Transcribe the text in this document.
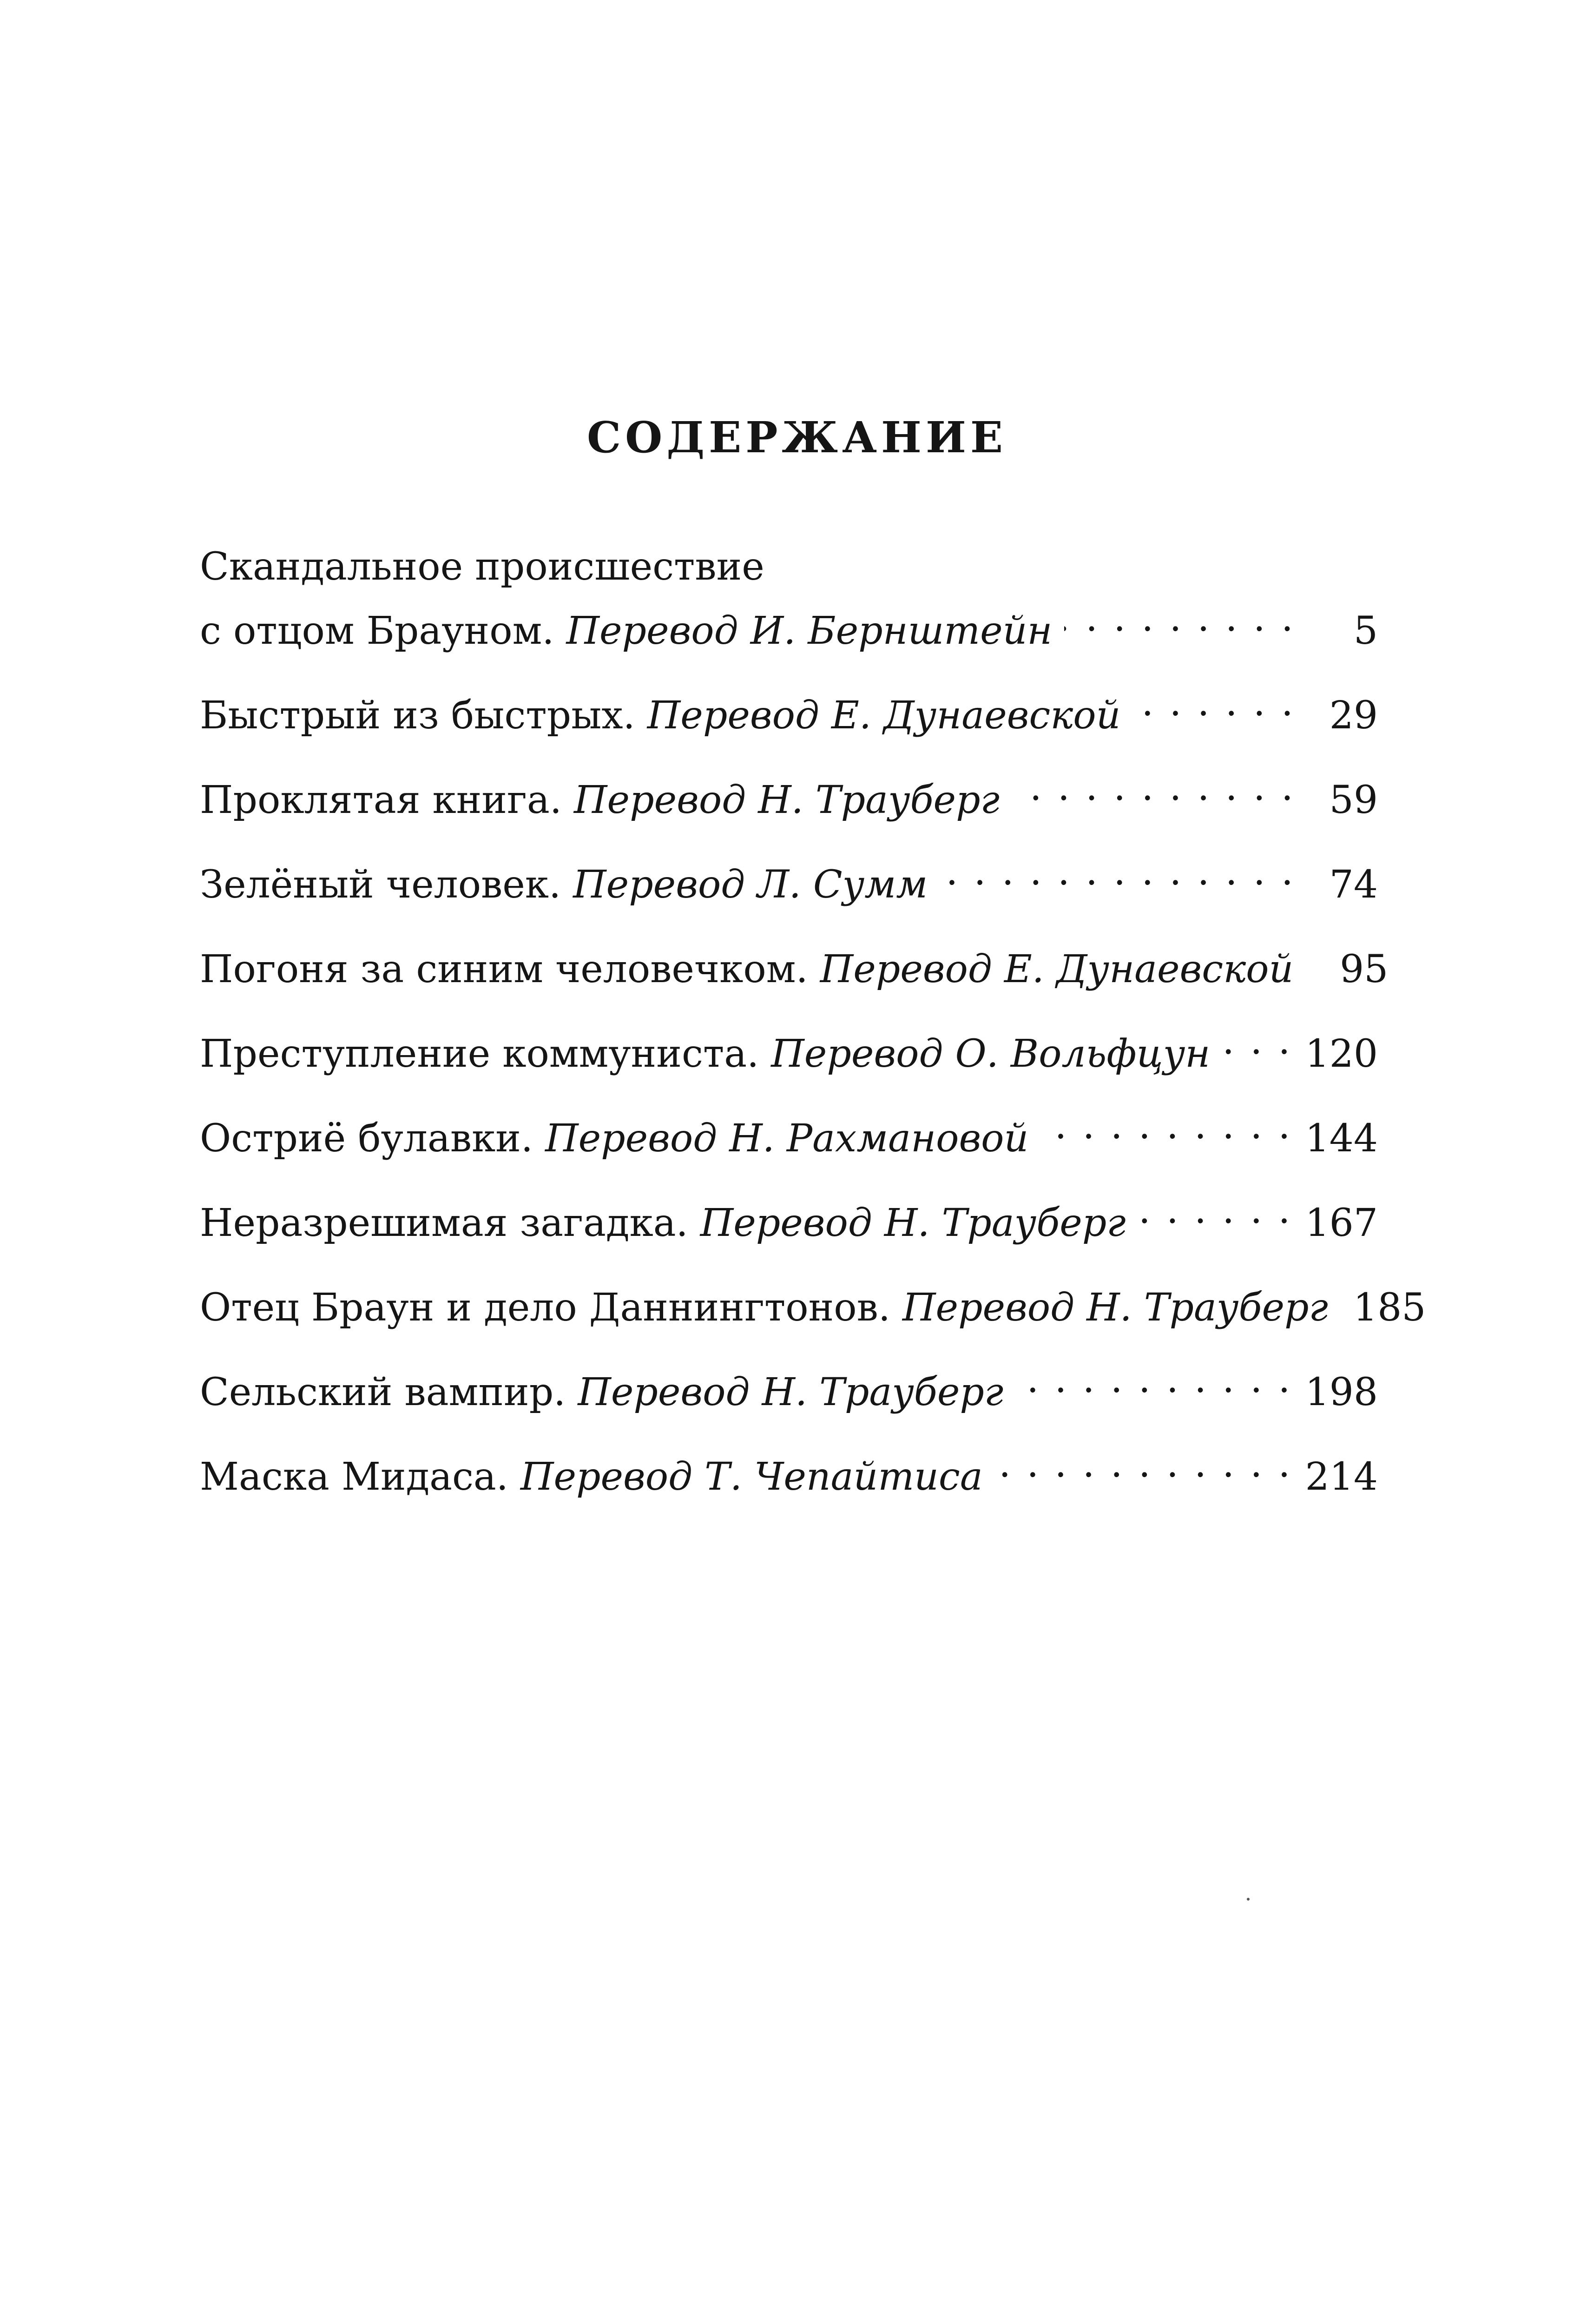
СОДЕРЖАНИЕ
Скандальное происшествие
с отцом Брауном.
Перевод И. Бернштейн . . .	5
Быстрый из быстрых.
Перевод Е. Дунаевской . . .	29
Проклятая книга.
Перевод Н. Трауберг . . .	59
Зелёный человек.
Перевод Л. Сумм . . .	74
Погоня за синим человечком.
Перевод Е. Дунаевской	95
Преступление коммуниста.
Перевод О. Вольфцун . . . 120
Остриё булавки.
Перевод Н. Рахмановой . . .	144
Неразрешимая загадка.
Перевод Н. Трауберг . . .	167
Отец Браун и дело Даннингтонов.
Перевод Н. Трауберг 185
Сельский вампир.
Перевод Н. Трауберг . . .	198
Маска Мидаса.
Перевод Т. Чепайтиса . . .	214
